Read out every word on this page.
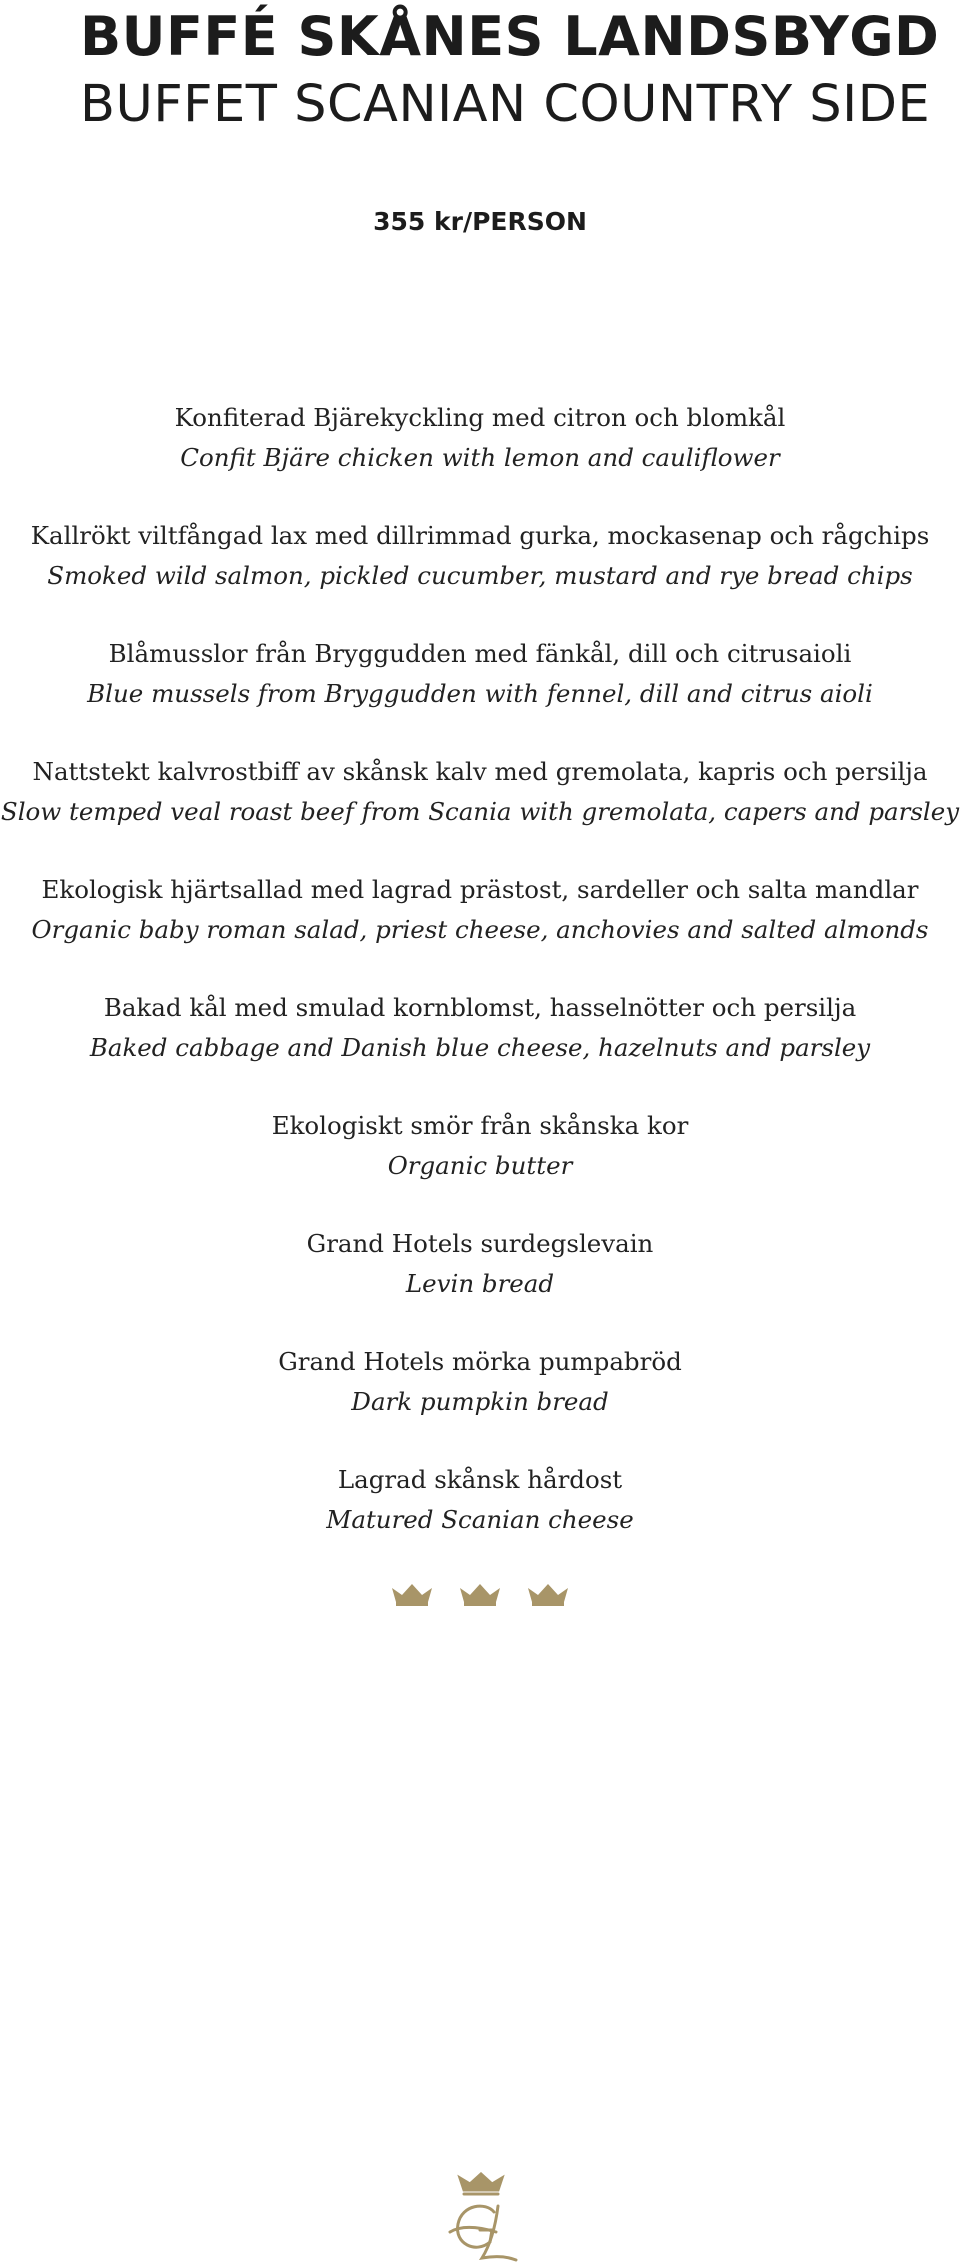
BUFFÉ SKÅNES LANDSBYGD
BUFFET SCANIAN COUNTRY SIDE
355 kr/PERSON
Konfiterad Bjärekyckling med citron och blomkål
Confit Bjäre chicken with lemon and cauliflower
Kallrökt viltfångad lax med dillrimmad gurka, mockasenap och rågchips
Smoked wild salmon, pickled cucumber, mustard and rye bread chips
Blåmusslor från Bryggudden med fänkål, dill och citrusaioli
Blue mussels from Bryggudden with fennel, dill and citrus aioli
Nattstekt kalvrostbiff av skånsk kalv med gremolata, kapris och persilja
Slow temped veal roast beef from Scania with gremolata, capers and parsley
Ekologisk hjärtsallad med lagrad prästost, sardeller och salta mandlar
Organic baby roman salad, priest cheese, anchovies and salted almonds
Bakad kål med smulad kornblomst, hasselnötter och persilja
Baked cabbage and Danish blue cheese, hazelnuts and parsley
Ekologiskt smör från skånska kor
Organic butter
Grand Hotels surdegslevain
Levin bread
Grand Hotels mörka pumpabröd
Dark pumpkin bread
Lagrad skånsk hårdost
Matured Scanian cheese
